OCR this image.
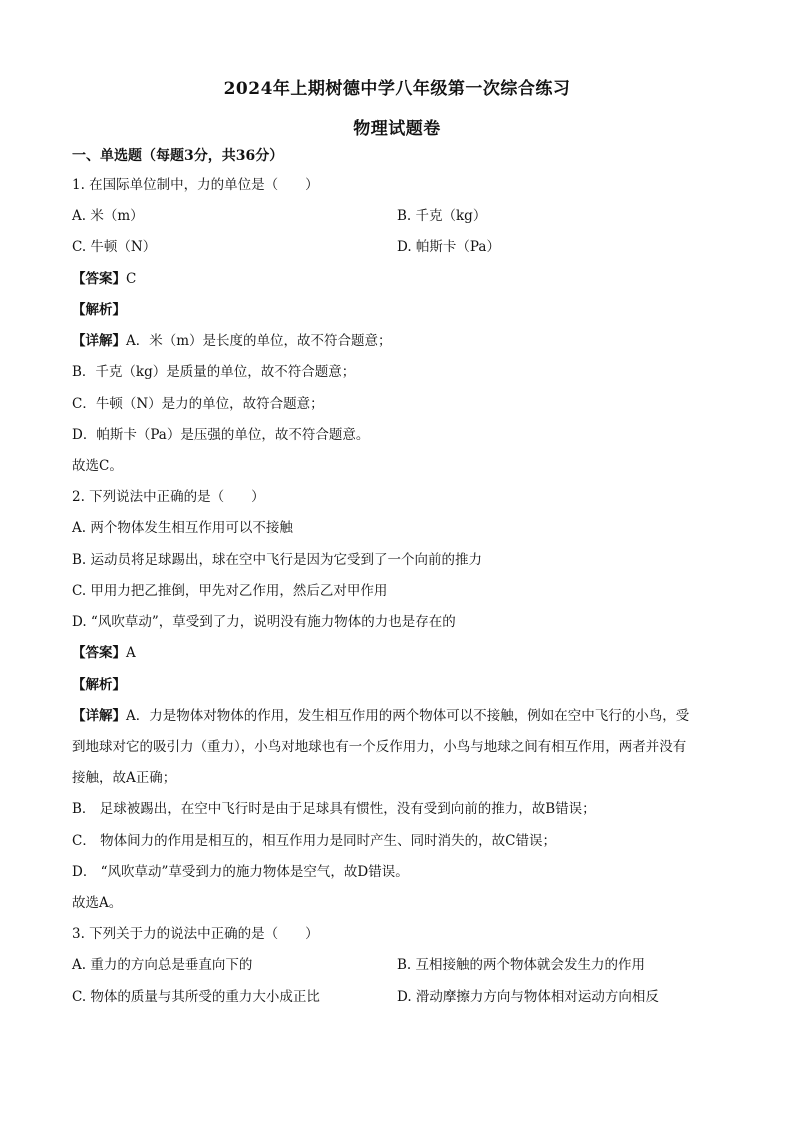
2024年上期树德中学八年级第一次综合练习
物理试题卷
一、单选题（每题3分，共36分）
1. 在国际单位制中，力的单位是（　　）
A. 米（m）	B. 千克（kg）
C. 牛顿（N）	D. 帕斯卡（Pa）
【答案】C
【解析】
【详解】A．米（m）是长度的单位，故不符合题意；
B．千克（kg）是质量的单位，故不符合题意；
C．牛顿（N）是力的单位，故符合题意；
D．帕斯卡（Pa）是压强的单位，故不符合题意。
故选C。
2. 下列说法中正确的是（　　）
A. 两个物体发生相互作用可以不接触
B. 运动员将足球踢出，球在空中飞行是因为它受到了一个向前的推力
C. 甲用力把乙推倒，甲先对乙作用，然后乙对甲作用
D. “风吹草动”，草受到了力，说明没有施力物体的力也是存在的
【答案】A
【解析】
【详解】A．力是物体对物体的作用，发生相互作用的两个物体可以不接触，例如在空中飞行的小鸟，受
到地球对它的吸引力（重力），小鸟对地球也有一个反作用力，小鸟与地球之间有相互作用，两者并没有
接触，故A正确；
B． 足球被踢出，在空中飞行时是由于足球具有惯性，没有受到向前的推力，故B错误；
C． 物体间力的作用是相互的，相互作用力是同时产生、同时消失的，故C错误；
D． “风吹草动”草受到力的施力物体是空气，故D错误。
故选A。
3. 下列关于力的说法中正确的是（　　）
A. 重力的方向总是垂直向下的	B. 互相接触的两个物体就会发生力的作用
C. 物体的质量与其所受的重力大小成正比	D. 滑动摩擦力方向与物体相对运动方向相反
